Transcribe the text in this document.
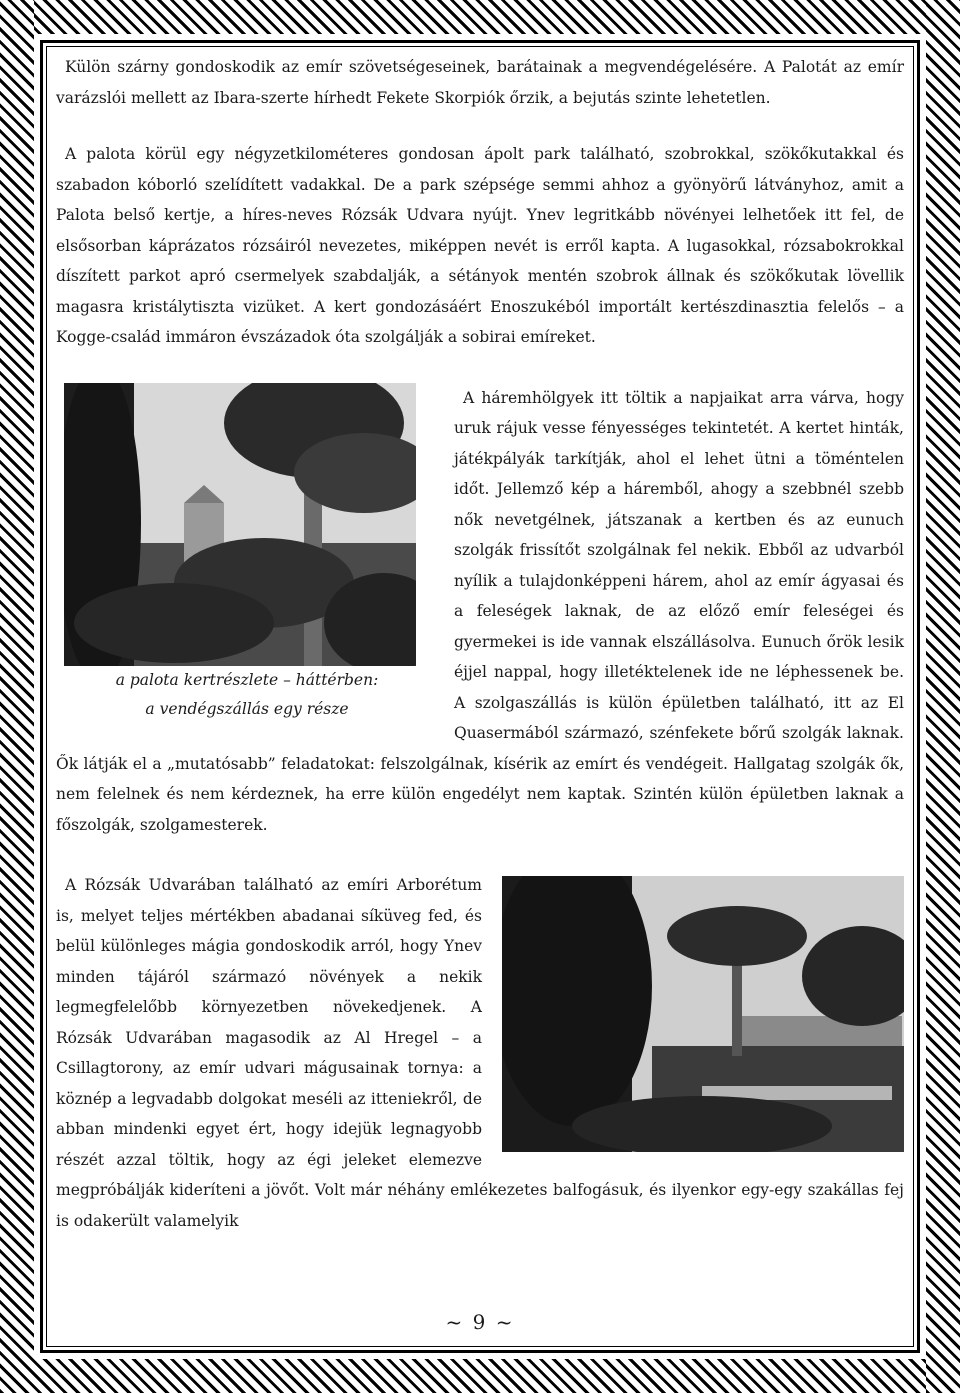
Külön szárny gondoskodik az emír szövetségeseinek, barátainak a megvendégelésére. A Palotát az emír varázslói mellett az Ibara-szerte hírhedt Fekete Skorpiók őrzik, a bejutás szinte lehetetlen.

A palota körül egy négyzetkilométeres gondosan ápolt park található, szobrokkal, szökőkutakkal és szabadon kóborló szelídített vadakkal. De a park szépsége semmi ahhoz a gyönyörű látványhoz, amit a Palota belső kertje, a híres-neves Rózsák Udvara nyújt. Ynev legritkább növényei lelhetőek itt fel, de elsősorban káprázatos rózsáiról nevezetes, miképpen nevét is erről kapta. A lugasokkal, rózsabokrokkal díszített parkot apró csermelyek szabdalják, a sétányok mentén szobrok állnak és szökőkutak lövellik magasra kristálytiszta vizüket. A kert gondozásáért Enoszukéból importált kertészdinasztia felelős – a Kogge-család immáron évszázadok óta szolgálják a sobirai emíreket.

a palota kertrészlete – háttérben:

a vendégszállás egy része

A háremhölgyek itt töltik a napjaikat arra várva, hogy uruk rájuk vesse fényességes tekintetét. A kertet hinták, játékpályák tarkítják, ahol el lehet ütni a töméntelen időt. Jellemző kép a háremből, ahogy a szebbnél szebb nők nevetgélnek, játszanak a kertben és az eunuch szolgák frissítőt szolgálnak fel nekik. Ebből az udvarból nyílik a tulajdonképpeni hárem, ahol az emír ágyasai és a feleségek laknak, de az előző emír feleségei és gyermekei is ide vannak elszállásolva. Eunuch őrök lesik éjjel nappal, hogy illetéktelenek ide ne léphessenek be. A szolgaszállás is külön épületben található, itt az El Quasermából származó, szénfekete bőrű szolgák laknak. Ők látják el a „mutatósabb” feladatokat: felszolgálnak, kísérik az emírt és vendégeit. Hallgatag szolgák ők, nem felelnek és nem kérdeznek, ha erre külön engedélyt nem kaptak. Szintén külön épületben laknak a főszolgák, szolgamesterek.

A Rózsák Udvarában található az emíri Arborétum is, melyet teljes mértékben abadanai síküveg fed, és belül különleges mágia gondoskodik arról, hogy Ynev minden tájáról származó növények a nekik legmegfelelőbb környezetben növekedjenek. A Rózsák Udvarában magasodik az Al Hregel – a Csillagtorony, az emír udvari mágusainak tornya: a köznép a legvadabb dolgokat meséli az itteniekről, de abban mindenki egyet ért, hogy idejük legnagyobb részét azzal töltik, hogy az égi jeleket elemezve megpróbálják kideríteni a jövőt. Volt már néhány emlékezetes balfogásuk, és ilyenkor egy-egy szakállas fej is odakerült valamelyik

~ 9 ~
